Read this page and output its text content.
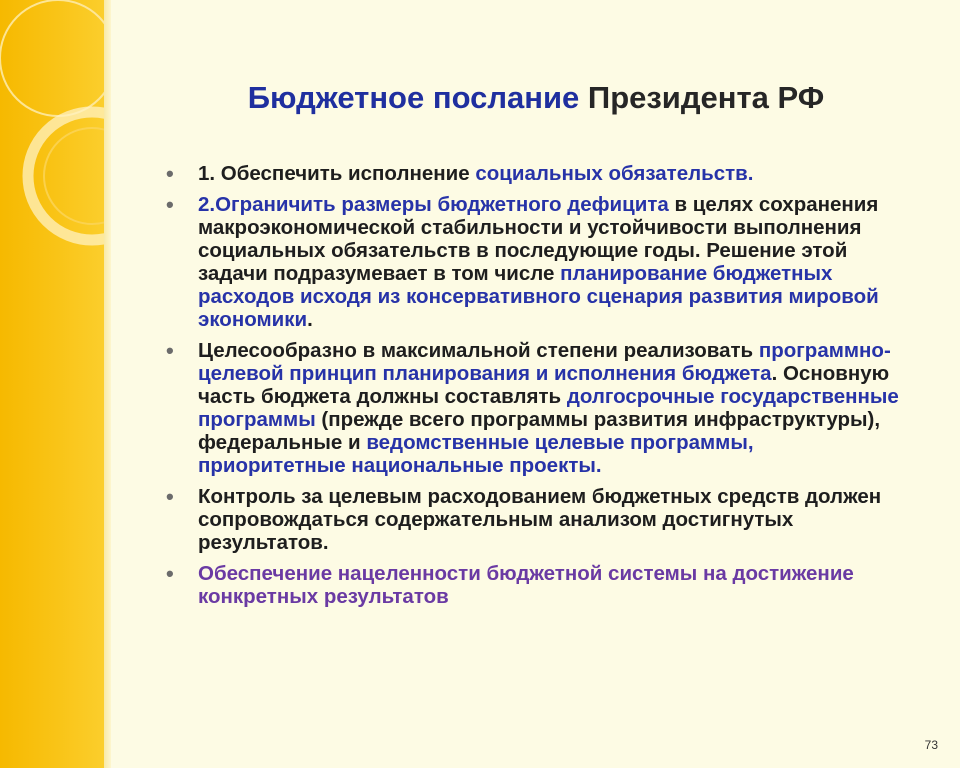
Бюджетное послание Президента РФ
•	1. Обеспечить исполнение социальных обязательств.
•	2.Ограничить размеры бюджетного дефицита в целях сохранения макроэкономической стабильности и устойчивости выполнения социальных обязательств в последующие годы. Решение этой задачи подразумевает в том числе планирование бюджетных расходов исходя из консервативного сценария развития мировой экономики.
•	Целесообразно в максимальной степени реализовать программно-целевой принцип планирования и исполнения бюджета. Основную часть бюджета должны составлять долгосрочные государственные программы (прежде всего программы развития инфраструктуры), федеральные и ведомственные целевые программы, приоритетные национальные проекты.
•	Контроль за целевым расходованием бюджетных средств должен сопровождаться содержательным анализом достигнутых результатов.
•	Обеспечение нацеленности бюджетной системы на достижение конкретных результатов
73
